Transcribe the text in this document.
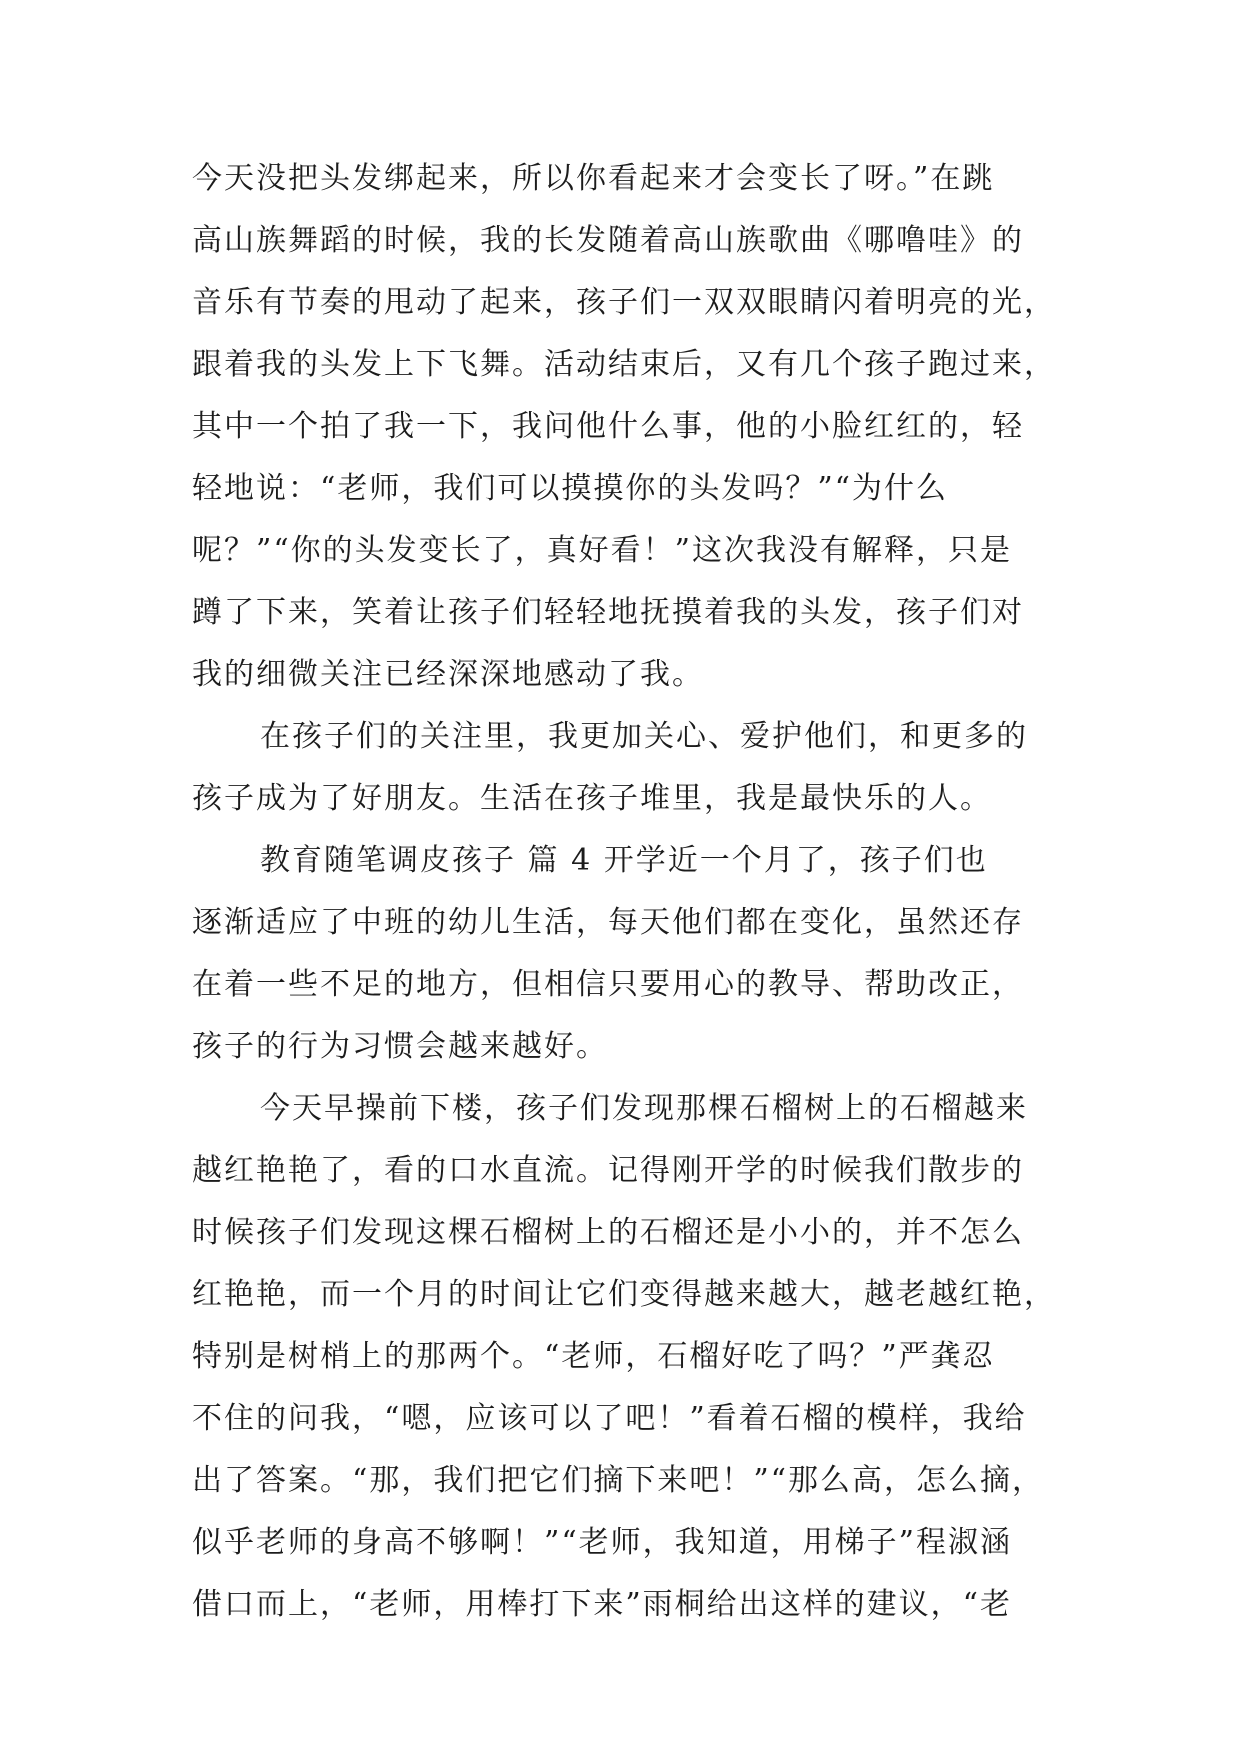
今天没把头发绑起来，所以你看起来才会变长了呀。”在跳
高山族舞蹈的时候，我的长发随着高山族歌曲《哪噜哇》的
音乐有节奏的甩动了起来，孩子们一双双眼睛闪着明亮的光，
跟着我的头发上下飞舞。活动结束后，又有几个孩子跑过来，
其中一个拍了我一下，我问他什么事，他的小脸红红的，轻
轻地说：“老师，我们可以摸摸你的头发吗？”“为什么
呢？”“你的头发变长了，真好看！”这次我没有解释，只是
蹲了下来，笑着让孩子们轻轻地抚摸着我的头发，孩子们对
我的细微关注已经深深地感动了我。
在孩子们的关注里，我更加关心、爱护他们，和更多的
孩子成为了好朋友。生活在孩子堆里，我是最快乐的人。
教育随笔调皮孩子 篇 4 开学近一个月了，孩子们也
逐渐适应了中班的幼儿生活，每天他们都在变化，虽然还存
在着一些不足的地方，但相信只要用心的教导、帮助改正，
孩子的行为习惯会越来越好。
今天早操前下楼，孩子们发现那棵石榴树上的石榴越来
越红艳艳了，看的口水直流。记得刚开学的时候我们散步的
时候孩子们发现这棵石榴树上的石榴还是小小的，并不怎么
红艳艳，而一个月的时间让它们变得越来越大，越老越红艳，
特别是树梢上的那两个。“老师，石榴好吃了吗？”严龚忍
不住的问我，“嗯，应该可以了吧！”看着石榴的模样，我给
出了答案。“那，我们把它们摘下来吧！”“那么高，怎么摘，
似乎老师的身高不够啊！”“老师，我知道，用梯子”程淑涵
借口而上，“老师，用棒打下来”雨桐给出这样的建议，“老
